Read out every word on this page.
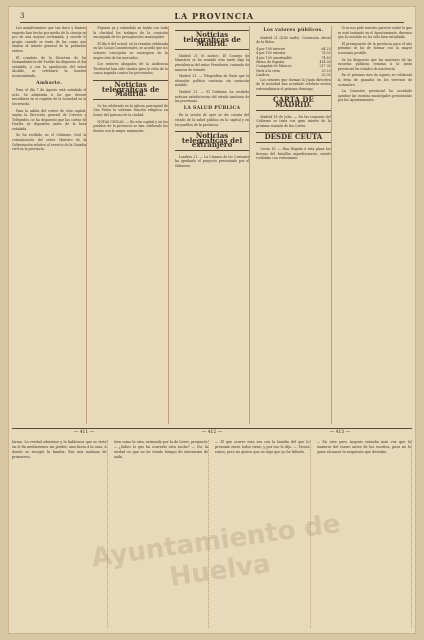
3	LA PROVINCIA

Los manifestantes que tan duro y bizarro empeño han hecho por medio de la ciencia en pro de una mejora reclamada, y sucede lo propio cuando se trata de las cosas que atañen al interés general de la población entera.

El comitato de la Directiva de los Demandaderos del Pueblo ha dispuesto el día señalado, y con la aprobación del señor Alcalde, se celebrará la función acostumbrada.

Ambarte.

Para el día 7 de Agosto está señalado el acto. Se admitirán á los que deseen inscribirse en el registro de la Sociedad en la Secretaría.

Para la salida del correo de esta capital, según la Dirección general de Correos y Telégrafos, se ha dispuesto que las cartas de Huelva se depositen antes de la hora señalada.

Se ha recibido en el Gobierno Civil la comunicación del señor Ministro de la Gobernación relativa al servicio de la Guardia civil en la provincia.

Figuran ya y extendido su tejido con toda la claridad los trabajos de la comisión encargada de los presupuestos municipales.

El día 6 del actual, en la reunión celebrada en las Casas Consistoriales, se acordó que los señores concejales se encarguen de la inspección de los mercados.

Los señores abogados de la Audiencia Territorial han sido citados para la vista de la causa seguida contra los procesados.

Noticias telegráficas de Madrid.

Se ha celebrado en la iglesia parroquial de San Pedro la solemne función religiosa en honor del patrono de la ciudad.

NOTAS CHICAS. — En esta capital y en los pueblos de la provincia se han celebrado las fiestas con la mayor animación.

Noticias telegráficas de Madrid.

Madrid 21 (8 noche). El Consejo de Ministros se ha reunido esta tarde bajo la presidencia del señor Presidente, tratando de asuntos de trámite.

Madrid 21. — Telegrafían de París que la situación política continúa sin variación notable.

Madrid 21. — El Gobierno ha recibido noticias satisfactorias del estado sanitario de las provincias.

LA SALUD PÚBLICA

En la sesión de ayer se dio cuenta del estado de la salud pública en la capital y en los pueblos de la provincia.

Noticias telegráficas del extranjero

Londres 21. — La Cámara de los Comunes ha aprobado el proyecto presentado por el Gobierno.

Los valores públicos.

Madrid 21 (4,40 tarde). Cotización oficial de la Bolsa.

4 por 100 interior	64 25
4 por 100 exterior	76 35
4 por 100 amortizable	74 80
Banco de España	414 00
Compañía de Tabacos	217 00
París á la vista	20 20
Londres	32 00

Los señores que forman la Junta directiva de la sociedad han acordado celebrar sesión extraordinaria el próximo domingo.

CARTA DE MADRID.

Madrid 18 de Julio. — En las regiones del Gobierno se trata con gran interés de la próxima reunión de las Cortes.

DESDE CEUTA

Ceuta 19. — Han llegado á esta plaza las fuerzas del batallón expedicionario, siendo recibidas con entusiasmo.

Si se nos pide nuestro parecer sobre lo que se está tratando en el Ayuntamiento, diremos que la cuestión no ha sido bien estudiada.

El presupuesto de la provincia para el año próximo se ha de formar con la mayor economía posible.

Se ha dispuesto que los maestros de las escuelas públicas remitan á la Junta provincial los estados de asistencia.

En el próximo mes de Agosto se celebrará la feria de ganados en los terrenos de costumbre.

La Comisión provincial ha acordado aprobar las cuentas municipales presentadas por los Ayuntamientos.

— 411 —	— 412 —	— 413 —
lerma. La verdad admírase y le hablemos que se vista en el fin mediaremos sin perder, sino fuera á la casa, á donde se recogió la familia. Era una mañana de primavera.
bien como la otra, arrimada por la de Leres, preguntó: — ¿Sabes lo que ha ocurrido esta noche? — No, la verdad es que no he tenido tiempo de enterarme de nada.
— El que ocurre esta vez con la familia del que lo presume entre todos tiene, y por eso lo dijo. — Tienes razón; pero no quiero que se diga que yo he faltado.
— En este pero Argenis entraba más vez que la mantuvo del teatro antes de los escritos, pues no le quiso alcanzar la respuesta que deseaba.
Ayuntamiento de Huelva
